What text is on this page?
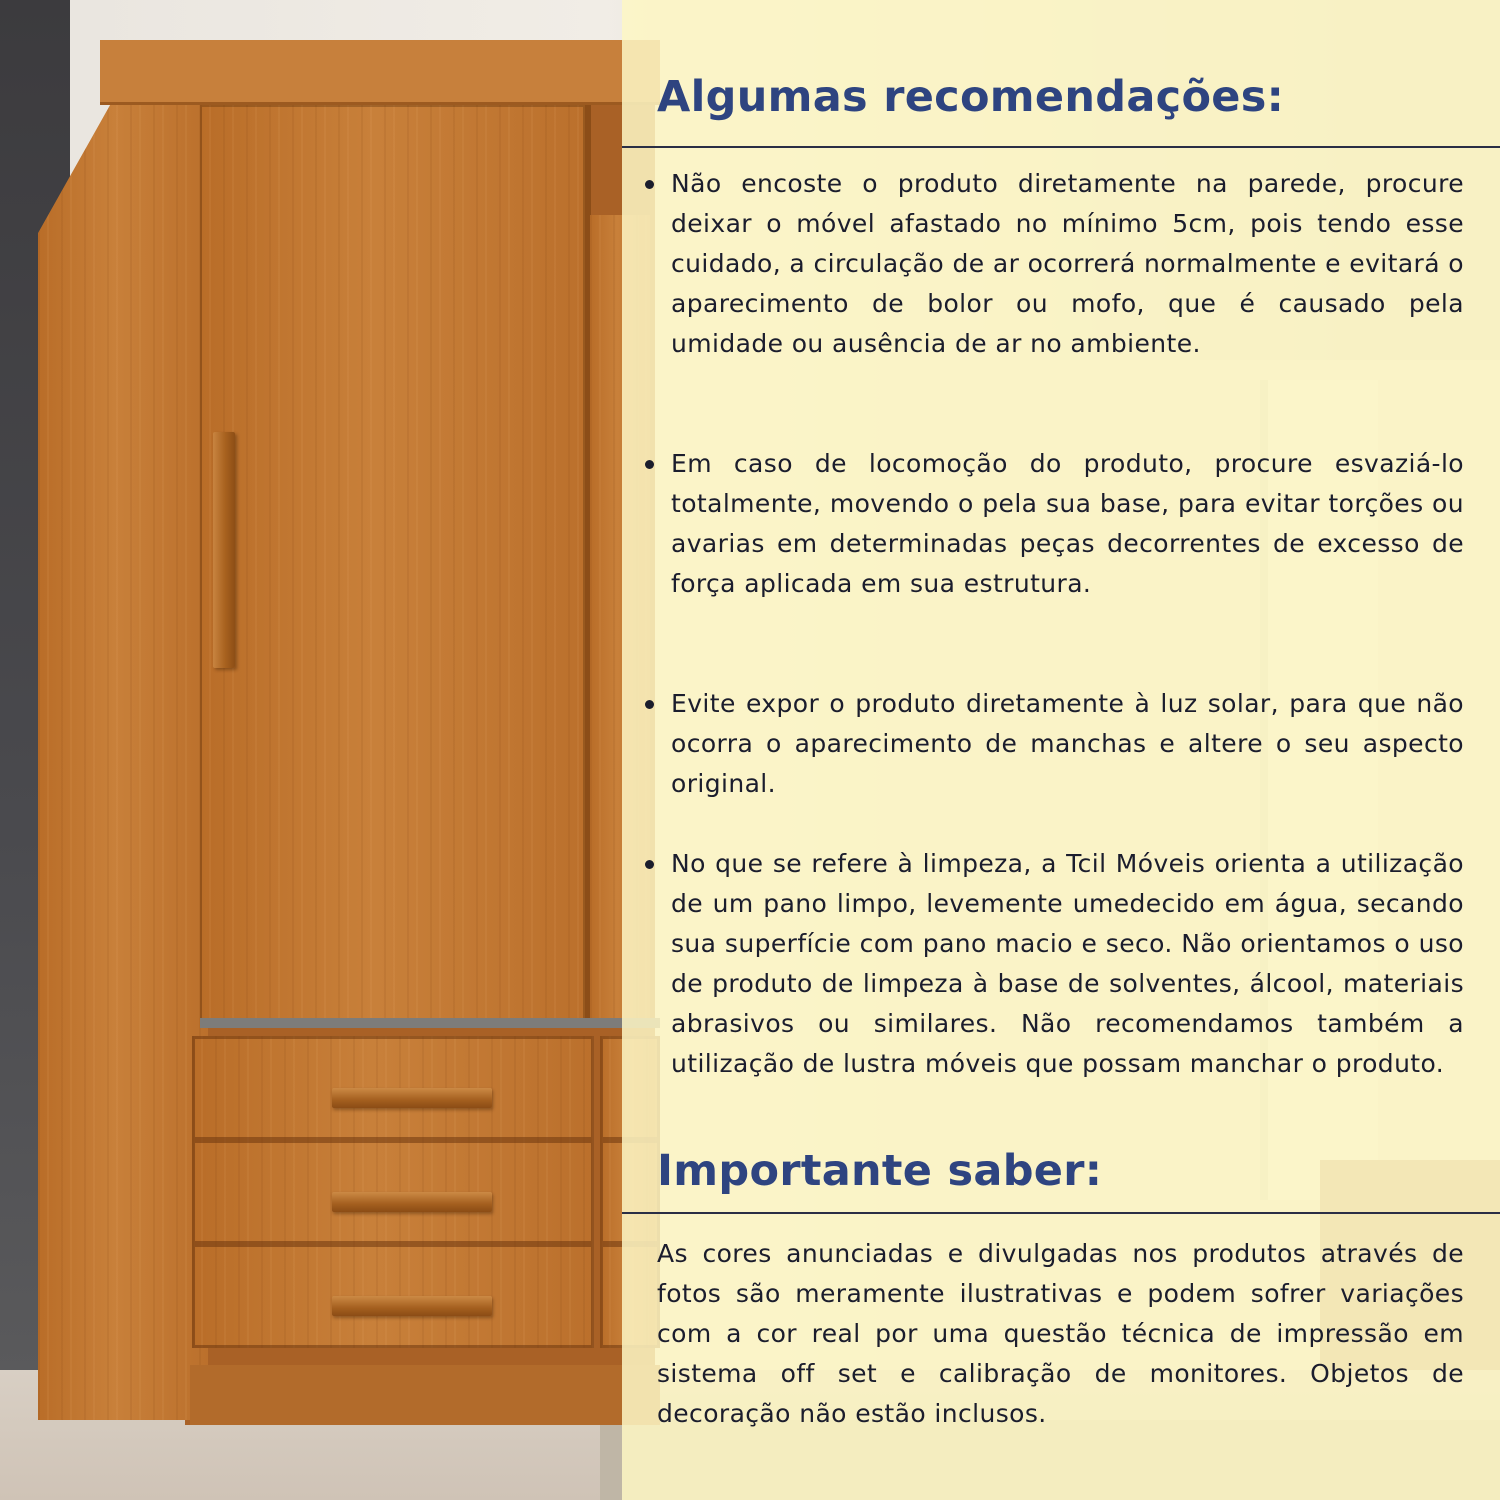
Algumas recomendações:

Não encoste o produto diretamente na parede, procure deixar o móvel afastado no mínimo 5cm, pois tendo esse cuidado, a circulação de ar ocorrerá normalmente e evitará o aparecimento de bolor ou mofo, que é causado pela umidade ou ausência de ar no ambiente.

Em caso de locomoção do produto, procure esvaziá-lo totalmente, movendo o pela sua base, para evitar torções ou avarias em determinadas peças decorrentes de excesso de força aplicada em sua estrutura.

Evite expor o produto diretamente à luz solar, para que não ocorra o aparecimento de manchas e altere o seu aspecto original.

No que se refere à limpeza, a Tcil Móveis orienta a utilização de um pano limpo, levemente umedecido em água, secando sua superfície com pano macio e seco. Não orientamos o uso de produto de limpeza à base de solventes, álcool, materiais abrasivos ou similares. Não recomendamos também a utilização de lustra móveis que possam manchar o produto.

Importante saber:

As cores anunciadas e divulgadas nos produtos através de fotos são meramente ilustrativas e podem sofrer variações com a cor real por uma questão técnica de impressão em sistema off set e calibração de monitores. Objetos de decoração não estão inclusos.
